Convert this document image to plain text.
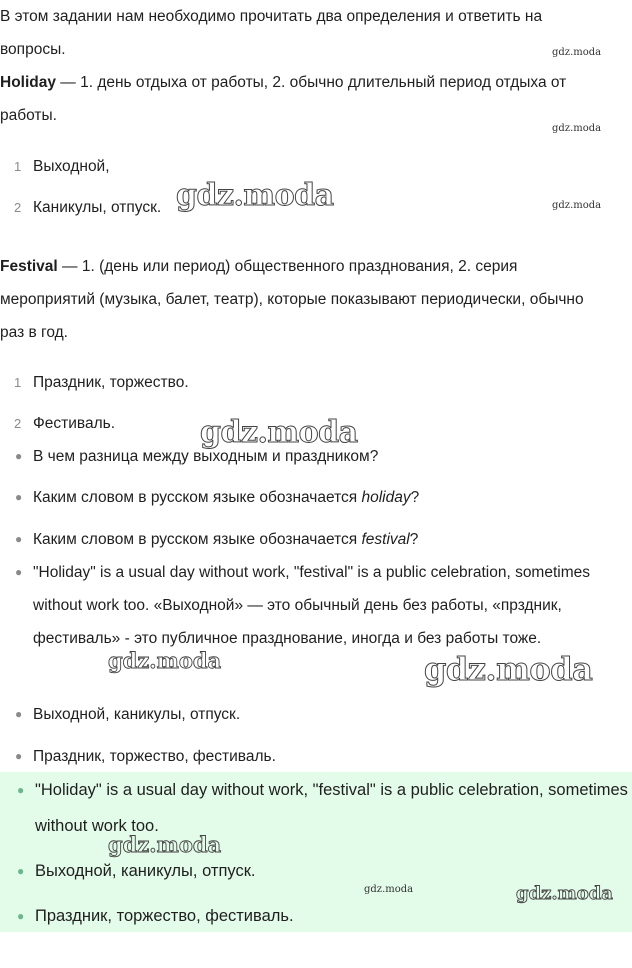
В этом задании нам необходимо прочитать два определения и ответить на вопросы.

Holiday — 1. день отдыха от работы, 2. обычно длительный период отдыха от работы.

1 Выходной,
2 Каникулы, отпуск.

Festival — 1. (день или период) общественного празднования, 2. серия мероприятий (музыка, балет, театр), которые показывают периодически, обычно раз в год.

1 Праздник, торжество.
2 Фестиваль.
● В чем разница между выходным и праздником?
● Каким словом в русском языке обозначается holiday?
● Каким словом в русском языке обозначается festival?
● "Holiday" is a usual day without work, "festival" is a public celebration, sometimes without work too. «Выходной» — это обычный день без работы, «прздник, фестиваль» - это публичное празднование, иногда и без работы тоже.
● Выходной, каникулы, отпуск.
● Праздник, торжество, фестиваль.
● "Holiday" is a usual day without work, "festival" is a public celebration, sometimes without work too.
● Выходной, каникулы, отпуск.
● Праздник, торжество, фестиваль.
gdz.moda
gdz.moda
gdz.moda
gdz.moda
gdz.moda
gdz.moda	gdz.moda
gdz.moda
gdz.moda	gdz.moda
